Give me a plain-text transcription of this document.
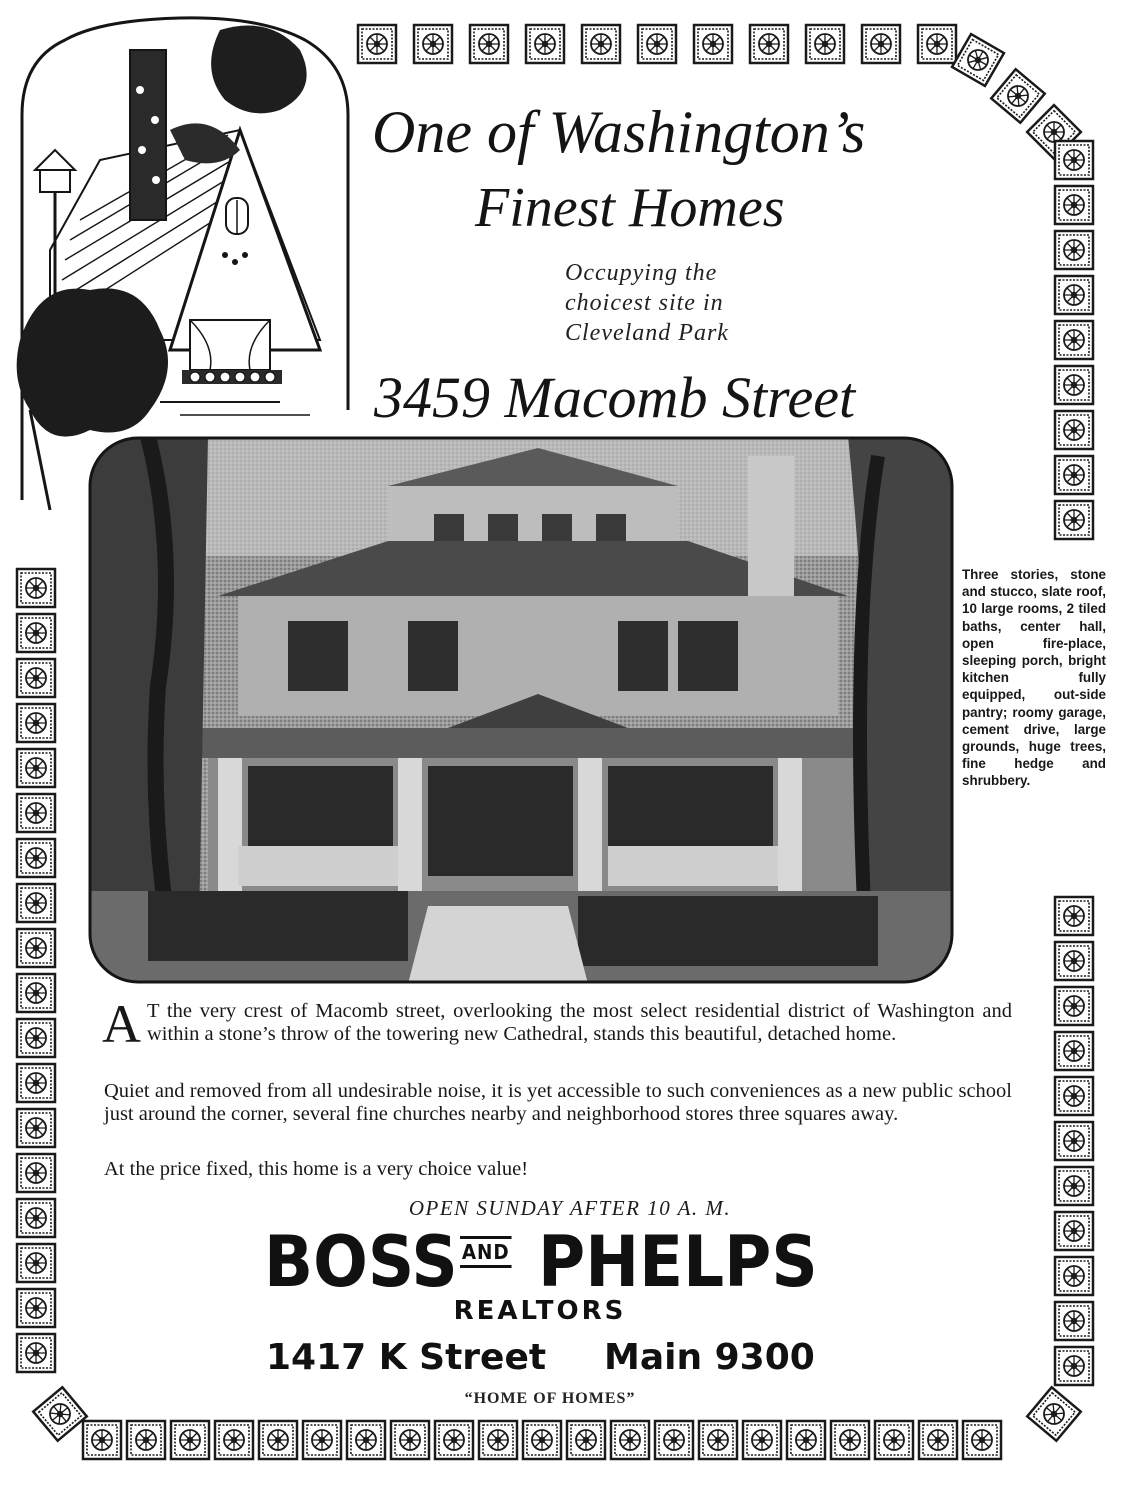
One of Washington’s
Finest Homes
Occupying the
choicest site in
Cleveland Park
3459 Macomb Street
Three stories, stone and stucco, slate roof, 10 large rooms, 2 tiled baths, center hall, open fire-place, sleeping porch, bright kitchen fully equipped, out-side pantry; roomy garage, cement drive, large grounds, huge trees, fine hedge and shrubbery.
A T the very crest of Macomb street, overlooking the most select residential district of Washington and within a stone’s throw of the towering new Cathedral, stands this beautiful, detached home.
Quiet and removed from all undesirable noise, it is yet accessible to such conveniences as a new public school just around the corner, several fine churches nearby and neighborhood stores three squares away.
At the price fixed, this home is a very choice value!
OPEN SUNDAY AFTER 10 A. M.
BOSS AND PHELPS
REALTORS
1417 K Street Main 9300
“HOME OF HOMES”
